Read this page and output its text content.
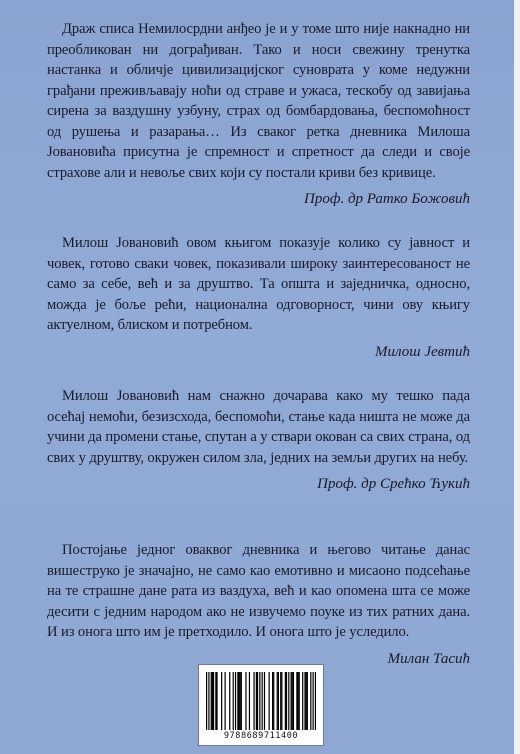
Драж списа Немилосрдни анђео је и у томе што није накнадно ни преобликован ни дограђиван. Тако и носи свежину тренутка настанка и обличје цивилизацијског суноврата у коме недужни грађани преживљавају ноћи од страве и ужаса, тескобу од завијања сирена за ваздушну узбуну, страх од бомбардовања, беспомоћност од рушења и разарања… Из сваког ретка дневника Милоша Јовановића присутна је спремност и спретност да следи и своје страхове али и невоље свих који су постали криви без кривице.

Проф. др Ратко Божовић

Милош Јовановић овом књигом показује колико су јавност и човек, готово сваки човек, показивали широку заинтересованост не само за себе, већ и за друштво. Та општа и заједничка, односно, можда је боље рећи, национална одговорност, чини ову књигу актуелном, блиском и потребном.

Милош Јевтић

Милош Јовановић нам снажно дочарава како му тешко пада осећај немоћи, безизсхода, беспомоћи, стање када ништа не може да учини да промени стање, спутан а у ствари окован са свих страна, од свих у друштву, окружен силом зла, једних на земљи других на небу.

Проф. др Срећко Ћукић

Постојање једног оваквог дневника и његово читање данас вишеструко је значајно, не само као емотивно и мисаоно подсећање на те страшне дане рата из ваздуха, већ и као опомена шта се може десити с једним народом ако не извучемо поуке из тих ратних дана. И из онога што им је претходило. И онога што је уследило.

Милан Тасић

9788689711400
